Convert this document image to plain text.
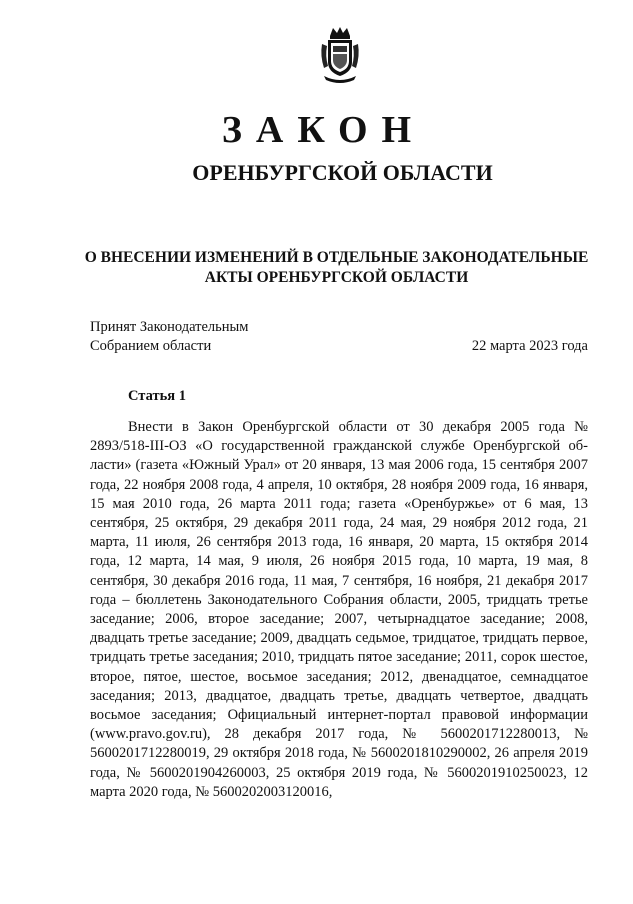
ЗАКОН
ОРЕНБУРГСКОЙ ОБЛАСТИ
О ВНЕСЕНИИ ИЗМЕНЕНИЙ В ОТДЕЛЬНЫЕ ЗАКОНОДАТЕЛЬНЫЕ АКТЫ ОРЕНБУРГСКОЙ ОБЛАСТИ
Принят Законодательным
Собранием области	22 марта 2023 года
Статья 1

Внести в Закон Оренбургской области от 30 декабря 2005 года № 2893/518-III-ОЗ «О государственной гражданской службе Оренбургской области» (газета «Южный Урал» от 20 января, 13 мая 2006 года, 15 сентября 2007 года, 22 ноября 2008 года, 4 апреля, 10 октября, 28 ноября 2009 года, 16 января, 15 мая 2010 года, 26 марта 2011 года; газета «Оренбуржье» от 6 мая, 13 сентября, 25 октября, 29 декабря 2011 года, 24 мая, 29 ноября 2012 года, 21 марта, 11 июля, 26 сентября 2013 года, 16 января, 20 марта, 15 октября 2014 года, 12 марта, 14 мая, 9 июля, 26 ноября 2015 года, 10 марта, 19 мая, 8 сентября, 30 декабря 2016 года, 11 мая, 7 сентября, 16 ноября, 21 декабря 2017 года – бюллетень Законодательного Собрания области, 2005, тридцать третье заседание; 2006, второе заседание; 2007, четырнадцатое заседание; 2008, двадцать третье заседание; 2009, двадцать седьмое, тридцатое, тридцать первое, тридцать третье заседания; 2010, тридцать пятое заседание; 2011, сорок шестое, второе, пятое, шестое, восьмое заседания; 2012, двенадцатое, семнадцатое заседания; 2013, двадцатое, двадцать третье, двадцать четвертое, двадцать восьмое заседания; Официальный интернет-портал правовой информации (www.pravo.gov.ru), 28 декабря 2017 года, № 5600201712280013, № 5600201712280019, 29 октября 2018 года, № 5600201810290002, 26 апреля 2019 года, № 5600201904260003, 25 октября 2019 года, № 5600201910250023, 12 марта 2020 года, № 5600202003120016,
